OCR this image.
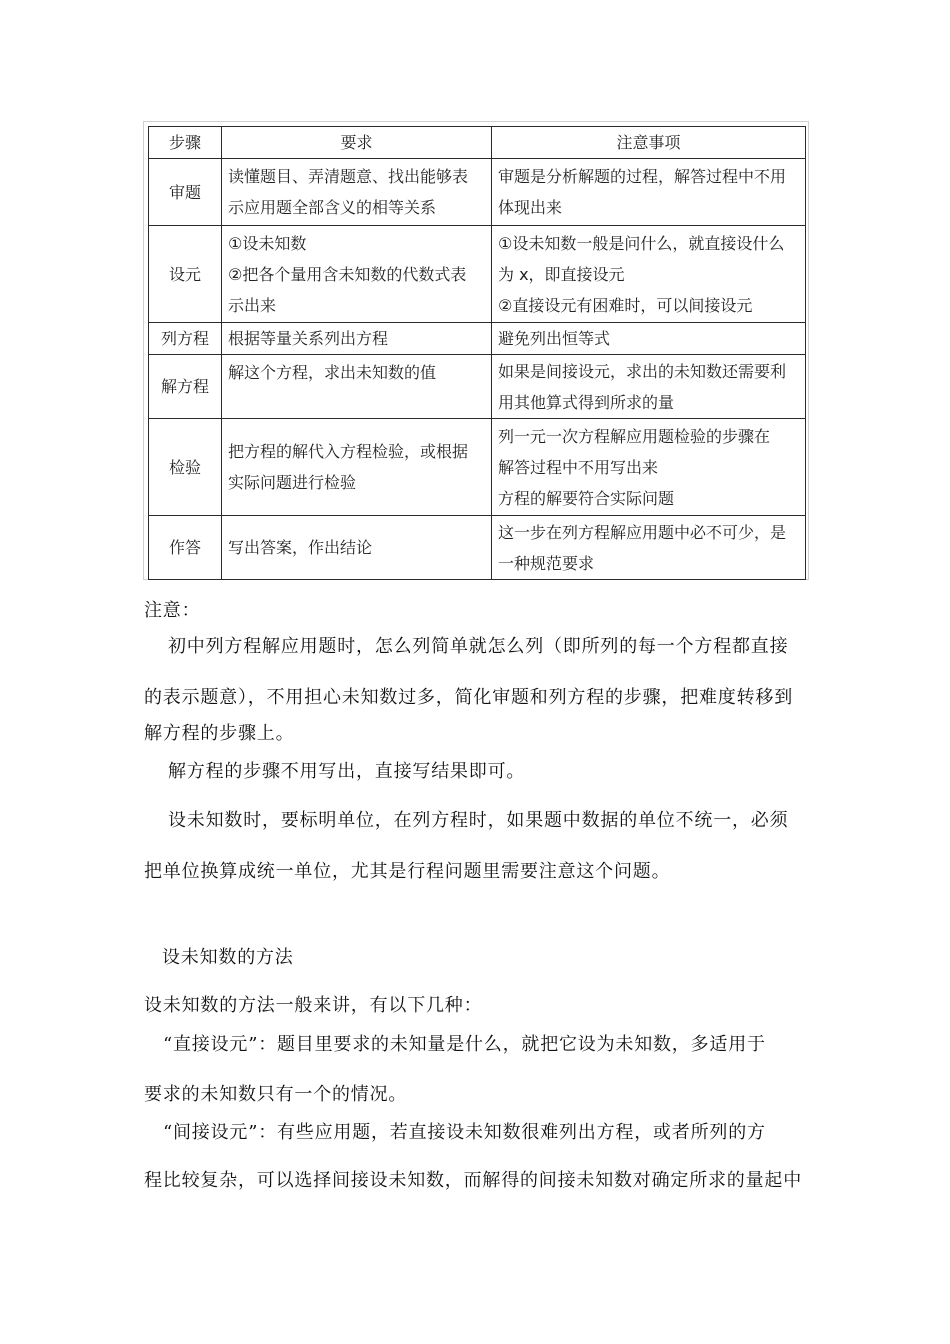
步骤	要求	注意事项
审题	读懂题目、弄清题意、找出能够表
示应用题全部含义的相等关系	审题是分析解题的过程，解答过程中不用
体现出来

设元	①设未知数
②把各个量用含未知数的代数式表
示出来	①设未知数一般是问什么，就直接设什么
为 x，即直接设元
②直接设元有困难时，可以间接设元

列方程	根据等量关系列出方程	避免列出恒等式

解方程	解这个方程，求出未知数的值	如果是间接设元，求出的未知数还需要利
用其他算式得到所求的量

检验	把方程的解代入方程检验，或根据
实际问题进行检验	列一元一次方程解应用题检验的步骤在
解答过程中不用写出来
方程的解要符合实际问题

作答	写出答案，作出结论	这一步在列方程解应用题中必不可少，是
一种规范要求

注意：

初中列方程解应用题时，怎么列简单就怎么列（即所列的每一个方程都直接

的表示题意），不用担心未知数过多，简化审题和列方程的步骤，把难度转移到

解方程的步骤上。

解方程的步骤不用写出，直接写结果即可。

设未知数时，要标明单位，在列方程时，如果题中数据的单位不统一，必须

把单位换算成统一单位，尤其是行程问题里需要注意这个问题。

设未知数的方法

设未知数的方法一般来讲，有以下几种：

“直接设元”：题目里要求的未知量是什么，就把它设为未知数，多适用于

要求的未知数只有一个的情况。

“间接设元”：有些应用题，若直接设未知数很难列出方程，或者所列的方

程比较复杂，可以选择间接设未知数，而解得的间接未知数对确定所求的量起中
